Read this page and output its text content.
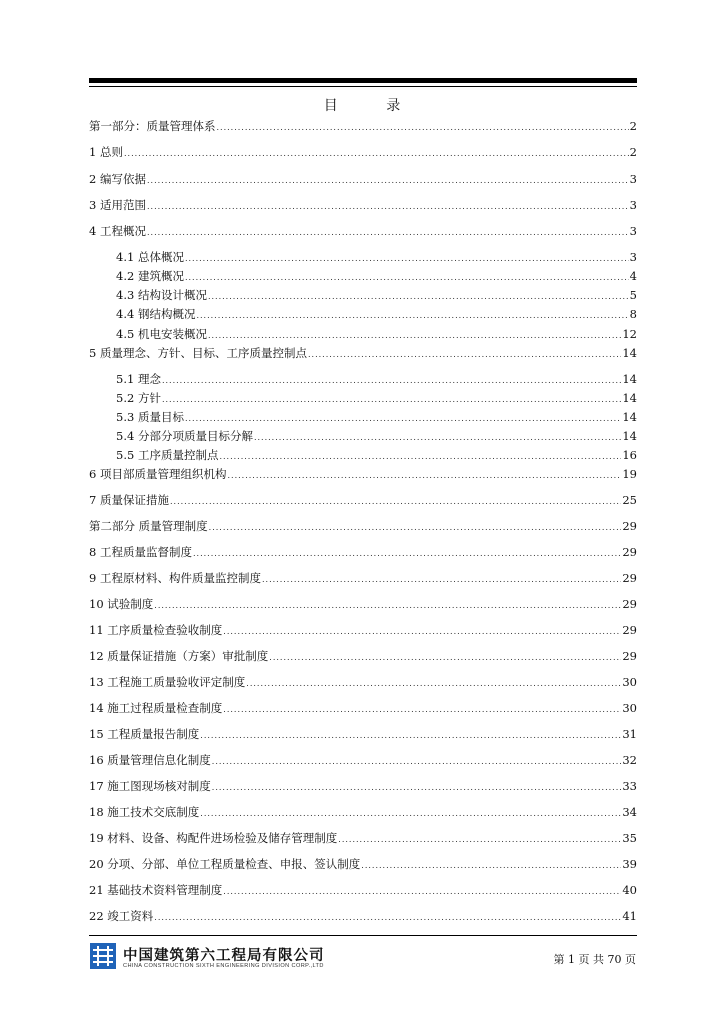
目 录
第一部分：质量管理体系 .....	2
1 总则 .....	2
2 编写依据 .....	3
3 适用范围 .....	3
4 工程概况 .....	3
4.1 总体概况 .....	3
4.2 建筑概况 .....	4
4.3 结构设计概况 .....	5
4.4 钢结构概况 .....	8
4.5 机电安装概况 .....	12
5 质量理念、方针、目标、工序质量控制点 .....	14
5.1 理念 .....	14
5.2 方针 .....	14
5.3 质量目标 .....	14
5.4 分部分项质量目标分解 .....	14
5.5 工序质量控制点 .....	16
6 项目部质量管理组织机构 .....	19
7 质量保证措施 .....	25
第二部分 质量管理制度 .....	29
8 工程质量监督制度 .....	29
9 工程原材料、构件质量监控制度 .....	29
10 试验制度 .....	29
11 工序质量检查验收制度 .....	29
12 质量保证措施（方案）审批制度 .....	29
13 工程施工质量验收评定制度 .....	30
14 施工过程质量检查制度 .....	30
15 工程质量报告制度 .....	31
16 质量管理信息化制度 .....	32
17 施工图现场核对制度 .....	33
18 施工技术交底制度 .....	34
19 材料、设备、构配件进场检验及储存管理制度 .....	35
20 分项、分部、单位工程质量检查、申报、签认制度 .....	39
21 基础技术资料管理制度 .....	40
22 竣工资料 .....	41
中国建筑第六工程局有限公司
CHINA CONSTRUCTION SIXTH ENGINEERING DIVISION CORP.,LTD	第 1 页 共 70 页
